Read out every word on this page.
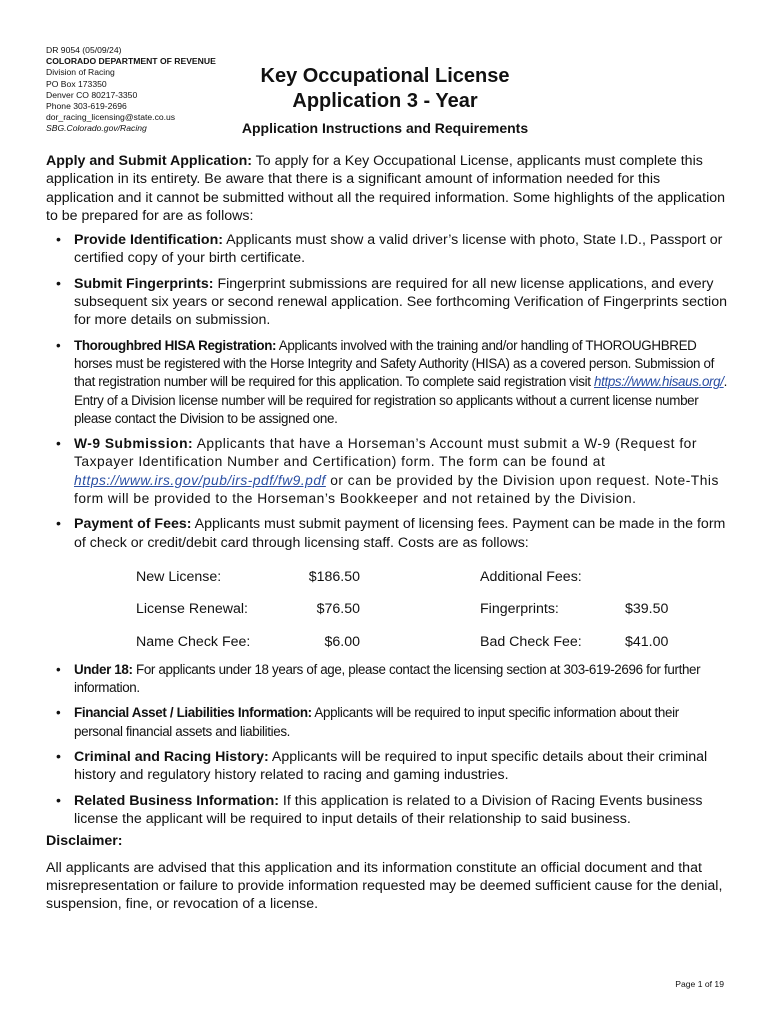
DR 9054 (05/09/24)
COLORADO DEPARTMENT OF REVENUE
Division of Racing
PO Box 173350
Denver CO 80217-3350
Phone 303-619-2696
dor_racing_licensing@state.co.us
SBG.Colorado.gov/Racing
Key Occupational License
Application 3 - Year
Application Instructions and Requirements

Apply and Submit Application: To apply for a Key Occupational License, applicants must complete this application in its entirety. Be aware that there is a significant amount of information needed for this application and it cannot be submitted without all the required information. Some highlights of the application to be prepared for are as follows:

• Provide Identification: Applicants must show a valid driver’s license with photo, State I.D., Passport or certified copy of your birth certificate.
• Submit Fingerprints: Fingerprint submissions are required for all new license applications, and every subsequent six years or second renewal application. See forthcoming Verification of Fingerprints section for more details on submission.
• Thoroughbred HISA Registration: Applicants involved with the training and/or handling of THOROUGHBRED horses must be registered with the Horse Integrity and Safety Authority (HISA) as a covered person. Submission of that registration number will be required for this application. To complete said registration visit https://www.hisaus.org/. Entry of a Division license number will be required for registration so applicants without a current license number please contact the Division to be assigned one.
• W-9 Submission: Applicants that have a Horseman’s Account must submit a W-9 (Request for Taxpayer Identification Number and Certification) form. The form can be found at https://www.irs.gov/pub/irs-pdf/fw9.pdf or can be provided by the Division upon request. Note-This form will be provided to the Horseman’s Bookkeeper and not retained by the Division.
• Payment of Fees: Applicants must submit payment of licensing fees. Payment can be made in the form of check or credit/debit card through licensing staff. Costs are as follows:
New License:	$186.50	Additional Fees:
License Renewal:	$76.50	Fingerprints:	$39.50
Name Check Fee:	$6.00	Bad Check Fee:	$41.00
• Under 18: For applicants under 18 years of age, please contact the licensing section at 303-619-2696 for further information.
• Financial Asset / Liabilities Information: Applicants will be required to input specific information about their personal financial assets and liabilities.
• Criminal and Racing History: Applicants will be required to input specific details about their criminal history and regulatory history related to racing and gaming industries.
• Related Business Information: If this application is related to a Division of Racing Events business license the applicant will be required to input details of their relationship to said business.
Disclaimer:

All applicants are advised that this application and its information constitute an official document and that misrepresentation or failure to provide information requested may be deemed sufficient cause for the denial, suspension, fine, or revocation of a license.

Page 1 of 19
